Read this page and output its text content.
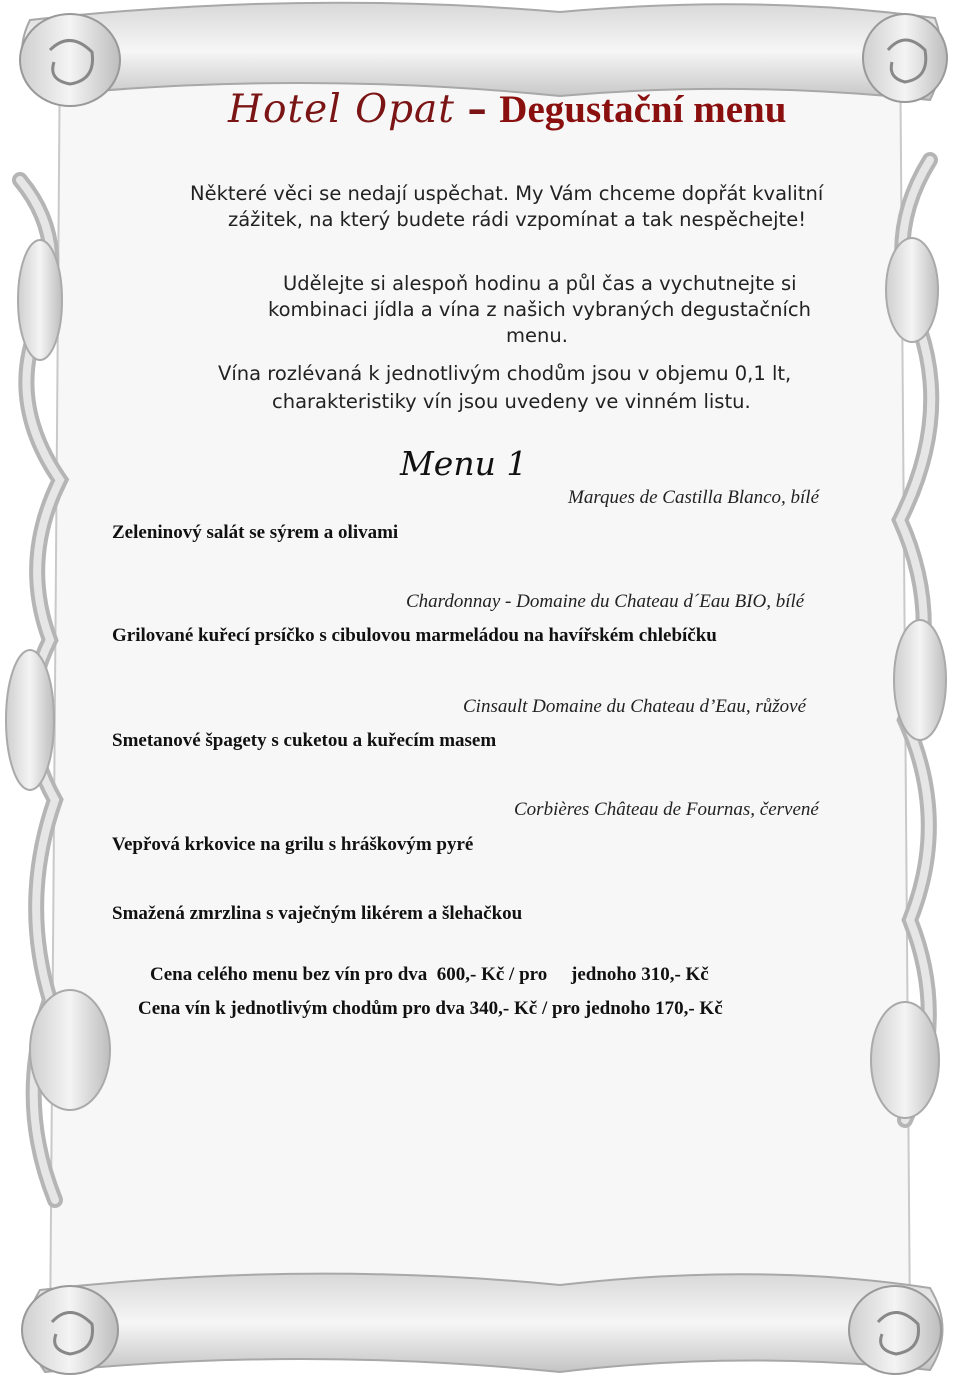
Hotel Opat – Degustační menu
Některé věci se nedají uspěchat. My Vám chceme dopřát kvalitní
zážitek, na který budete rádi vzpomínat a tak nespěchejte!
Udělejte si alespoň hodinu a půl čas a vychutnejte si
kombinaci jídla a vína z našich vybraných degustačních
menu.
Vína rozlévaná k jednotlivým chodům jsou v objemu 0,1 lt,
charakteristiky vín jsou uvedeny ve vinném listu.
Menu 1
Marques de Castilla Blanco, bílé
Zeleninový salát se sýrem a olivami
Chardonnay - Domaine du Chateau d´Eau BIO, bílé
Grilované kuřecí prsíčko s cibulovou marmeládou na havířském chlebíčku
Cinsault Domaine du Chateau d’Eau, růžové
Smetanové špagety s cuketou a kuřecím masem
Corbières Château de Fournas, červené
Vepřová krkovice na grilu s hráškovým pyré
Smažená zmrzlina s vaječným likérem a šlehačkou
Cena celého menu bez vín pro dva  600,- Kč / pro     jednoho 310,- Kč
Cena vín k jednotlivým chodům pro dva 340,- Kč / pro jednoho 170,- Kč
